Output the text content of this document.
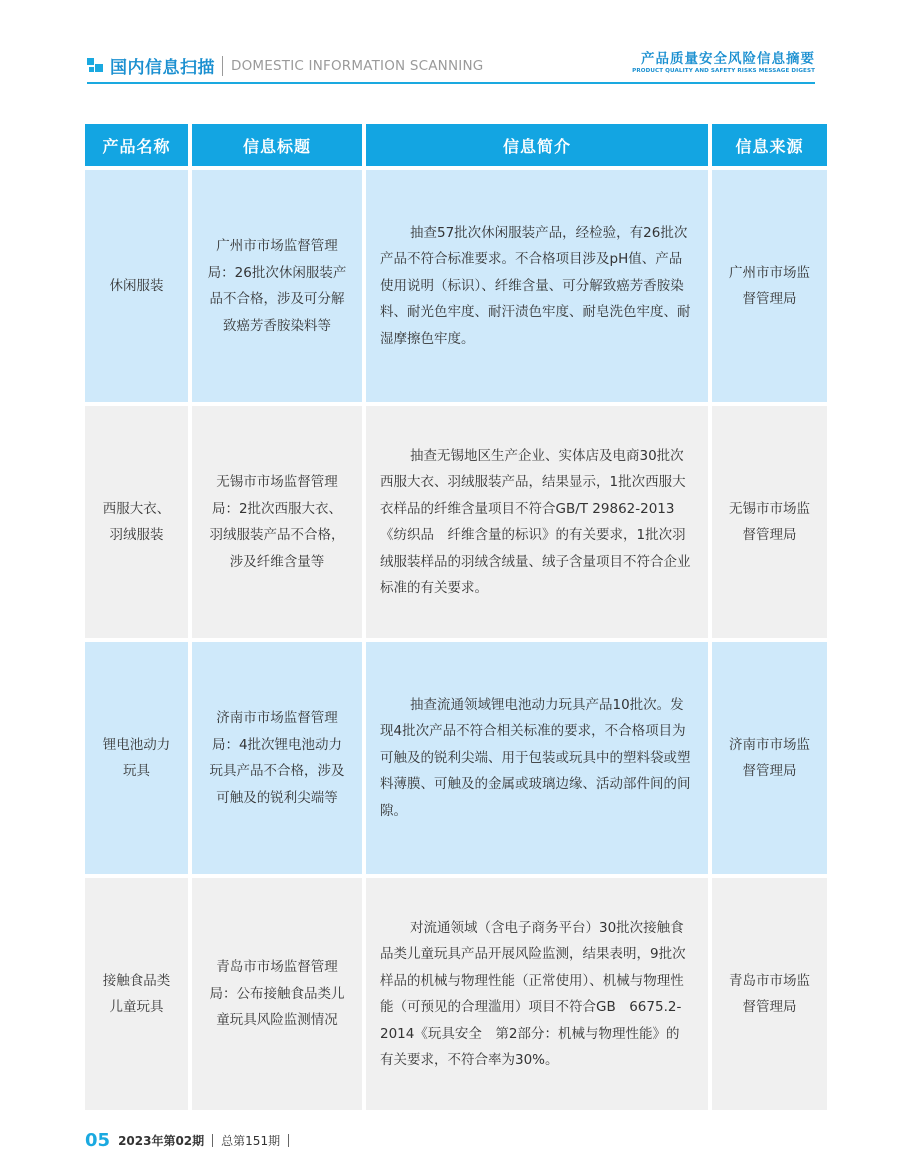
国内信息扫描 DOMESTIC INFORMATION SCANNING	产品质量安全风险信息摘要
PRODUCT QUALITY AND SAFETY RISKS MESSAGE DIGEST
产品名称	信息标题	信息简介	信息来源
休闲服装	广州市市场监督管理局：26批次休闲服装产品不合格，涉及可分解致癌芳香胺染料等	抽查57批次休闲服装产品，经检验，有26批次产品不符合标准要求。不合格项目涉及pH值、产品使用说明（标识）、纤维含量、可分解致癌芳香胺染料、耐光色牢度、耐汗渍色牢度、耐皂洗色牢度、耐湿摩擦色牢度。	广州市市场监督管理局
西服大衣、羽绒服装	无锡市市场监督管理局：2批次西服大衣、羽绒服装产品不合格，涉及纤维含量等	抽查无锡地区生产企业、实体店及电商30批次西服大衣、羽绒服装产品，结果显示，1批次西服大衣样品的纤维含量项目不符合GB/T 29862-2013《纺织品　纤维含量的标识》的有关要求，1批次羽绒服装样品的羽绒含绒量、绒子含量项目不符合企业标准的有关要求。	无锡市市场监督管理局
锂电池动力玩具	济南市市场监督管理局：4批次锂电池动力玩具产品不合格，涉及可触及的锐利尖端等	抽查流通领域锂电池动力玩具产品10批次。发现4批次产品不符合相关标准的要求，不合格项目为可触及的锐利尖端、用于包装或玩具中的塑料袋或塑料薄膜、可触及的金属或玻璃边缘、活动部件间的间隙。	济南市市场监督管理局
接触食品类儿童玩具	青岛市市场监督管理局：公布接触食品类儿童玩具风险监测情况	对流通领域（含电子商务平台）30批次接触食品类儿童玩具产品开展风险监测，结果表明，9批次样品的机械与物理性能（正常使用）、机械与物理性能（可预见的合理滥用）项目不符合GB　6675.2-2014《玩具安全　第2部分：机械与物理性能》的有关要求，不符合率为30%。	青岛市市场监督管理局
05 2023年第02期 总第151期
